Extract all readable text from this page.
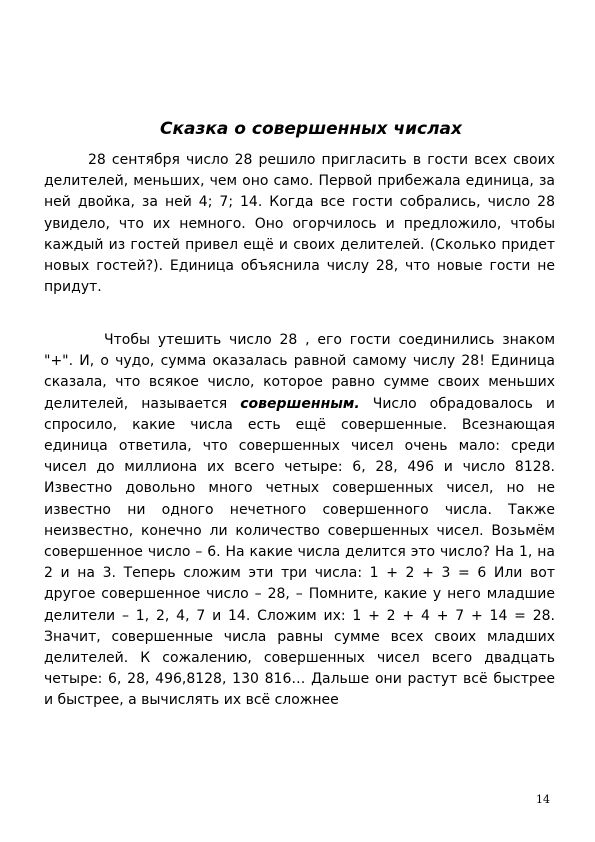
Сказка о совершенных числах

28 сентября число 28 решило пригласить в гости всех своих делителей, меньших, чем оно само. Первой прибежала единица, за ней двойка, за ней 4; 7; 14. Когда все гости собрались, число 28 увидело, что их немного. Оно огорчилось и предложило, чтобы каждый из гостей привел ещё и своих делителей. (Сколько придет новых гостей?). Единица объяснила числу 28, что новые гости не придут.

Чтобы утешить число 28 , его гости соединились знаком "+". И, о чудо, сумма оказалась равной самому числу 28! Единица сказала, что всякое число, которое равно сумме своих меньших делителей, называется совершенным. Число обрадовалось и спросило, какие числа есть ещё совершенные. Всезнающая единица ответила, что совершенных чисел очень мало: среди чисел до миллиона их всего четыре: 6, 28, 496 и число 8128. Известно довольно много четных совершенных чисел, но не известно ни одного нечетного совершенного числа. Также неизвестно, конечно ли количество совершенных чисел. Возьмём совершенное число – 6. На какие числа делится это число? На 1, на 2 и на 3. Теперь сложим эти три числа: 1 + 2 + 3 = 6 Или вот другое совершенное число – 28, – Помните, какие у него младшие делители – 1, 2, 4, 7 и 14. Сложим их: 1 + 2 + 4 + 7 + 14 = 28. Значит, совершенные числа равны сумме всех своих младших делителей. К сожалению, совершенных чисел всего двадцать четыре: 6, 28, 496,8128, 130 816… Дальше они растут всё быстрее и быстрее, а вычислять их всё сложнее

14
